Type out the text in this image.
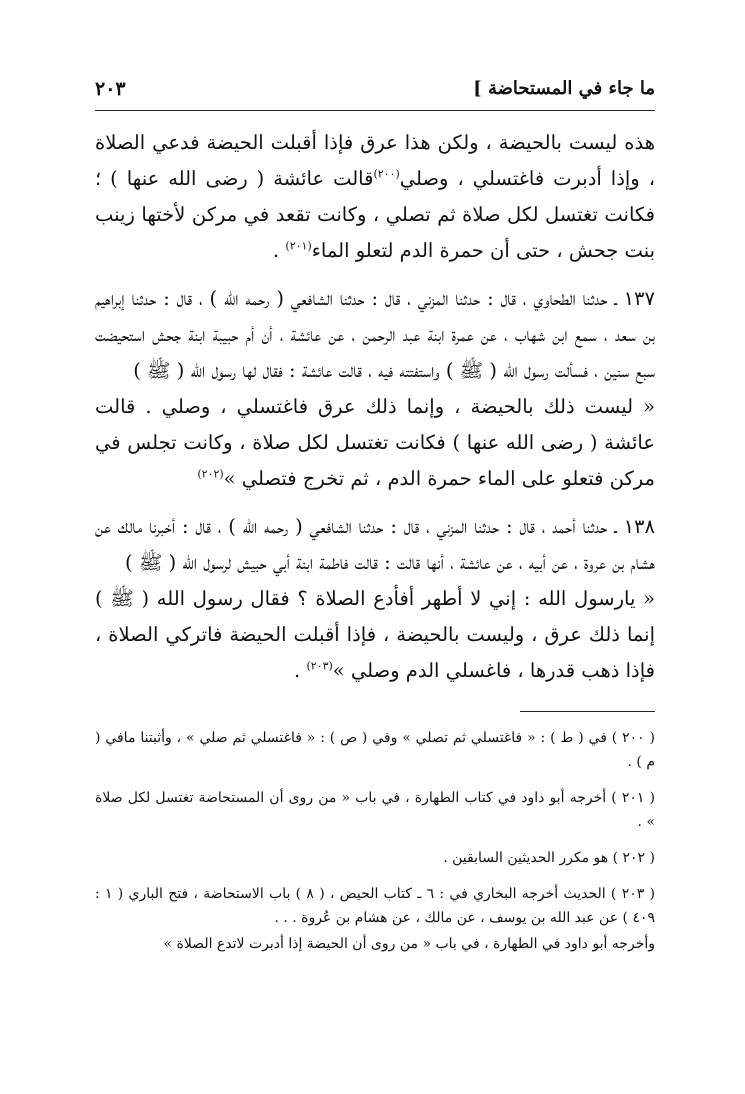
ما جاء في المستحاضة ]
٢٠٣

هذه ليست بالحيضة ، ولكن هذا عرق فإذا أقبلت الحيضة فدعي الصلاة ، وإذا أدبرت فاغتسلي ، وصلي$^{(٢٠٠)}$قالت عائشة ( رضى الله عنها ) ؛ فكانت تغتسل لكل صلاة ثم تصلي ، وكانت تقعد في مركن لأختها زينب بنت جحش ، حتى أن حمرة الدم لتعلو الماء$^{(٢٠١)}$ .

١٣٧ ـ حدثنا الطحاوي ، قال : حدثنا المزني ، قال : حدثنا الشافعي ( رحمه الله ) ، قال : حدثنا إبراهيم بن سعد ، سمع ابن شهاب ، عن عمرة ابنة عبد الرحمن ، عن عائشة ، أن أم حبيبة ابنة جحش استحيضت سبع سنين ، فسألت رسول الله ( ﷺ ) واستفتته فيه ، قالت عائشة : فقال لها رسول الله ( ﷺ )

« ليست ذلك بالحيضة ، وإنما ذلك عرق فاغتسلي ، وصلي . قالت عائشة ( رضى الله عنها ) فكانت تغتسل لكل صلاة ، وكانت تجلس في مركن فتعلو على الماء حمرة الدم ، ثم تخرج فتصلي »$^{(٢٠٢)}$

١٣٨ ـ حدثنا أحمد ، قال : حدثنا المزني ، قال : حدثنا الشافعي ( رحمه الله ) ، قال : أخبرنا مالك عن هشام بن عروة ، عن أبيه ، عن عائشة ، أنها قالت : قالت فاطمة ابنة أبي حبيش لرسول الله ( ﷺ )

« يارسول الله : إني لا أطهر أفأدع الصلاة ؟ فقال رسول الله ( ﷺ ) إنما ذلك عرق ، وليست بالحيضة ، فإذا أقبلت الحيضة فاتركي الصلاة ، فإذا ذهب قدرها ، فاغسلي الدم وصلي »$^{(٢٠٣)}$ .

( ٢٠٠ ) في ( ط ) : « فاغتسلي ثم تصلي » وفي ( ص ) : « فاغتسلي ثم صلي » ، وأثبتنا مافي ( م ) .

( ٢٠١ ) أخرجه أبو داود في كتاب الطهارة ، في باب « من روى أن المستحاضة تغتسل لكل صلاة » .

( ٢٠٢ ) هو مكرر الحديثين السابقين .

( ٢٠٣ ) الحديث أخرجه البخاري في : ٦ ـ كتاب الحيض ، ( ٨ ) باب الاستحاضة ، فتح الباري ( ١ : ٤٠٩ ) عن عبد الله بن يوسف ، عن مالك ، عن هشام بن عُروة . . .

وأخرجه أبو داود في الطهارة ، في باب « من روى أن الحيضة إذا أدبرت لاتدع الصلاة »
